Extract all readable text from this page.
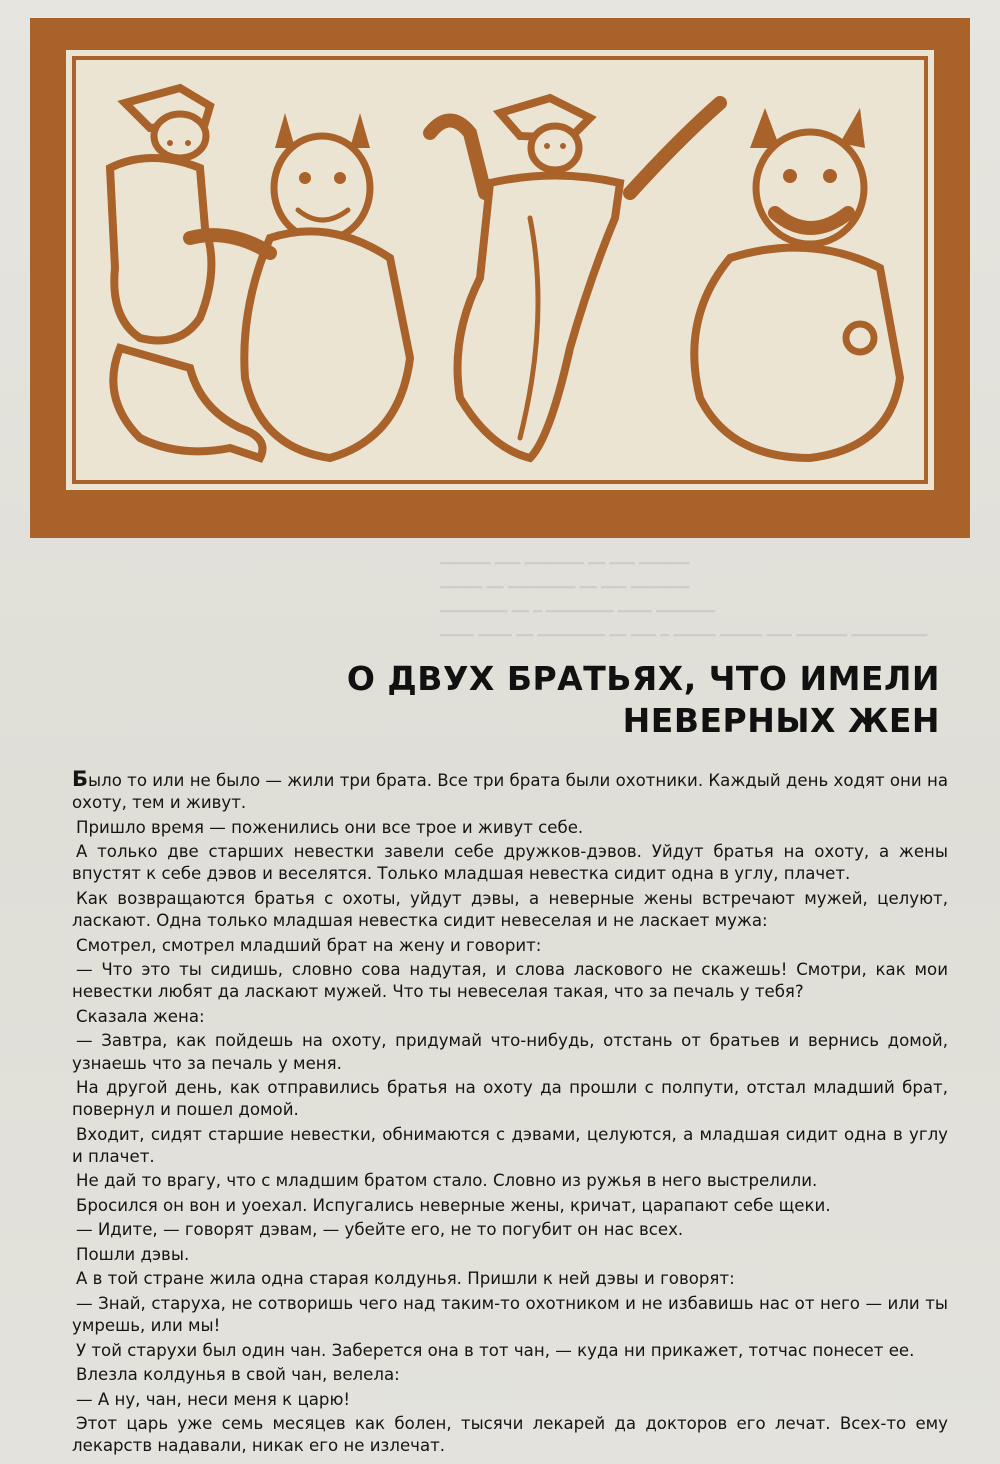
━━━━━━ ━━━ ━━━━━━━ ━━ ━━━ ━━━━━━
━━━━━ ━━ ━━━━━━━━ ━━ ━━━ ━━━━━━━
━━━━━━━━ ━━ ━ ━━━━━━━━ ━━━━ ━━━━━━━
━━━━ ━━━━ ━━ ━━━━━━━━ ━━ ━━━ ━ ━━━━━ ━━━━━ ━━━ ━━━━━━ ━━━━━━━━━
О ДВУХ БРАТЬЯХ, ЧТО ИМЕЛИ
НЕВЕРНЫХ ЖЕН

Было то или не было — жили три брата. Все три брата были охотники. Каждый день ходят они на охоту, тем и живут.

Пришло время — поженились они все трое и живут себе.

А только две старших невестки завели себе дружков-дэвов. Уйдут братья на охоту, а жены впустят к себе дэвов и веселятся. Только младшая невестка сидит одна в углу, плачет.

Как возвращаются братья с охоты, уйдут дэвы, а неверные жены встречают мужей, целуют, ласкают. Одна только младшая невестка сидит невеселая и не ласкает мужа:

Смотрел, смотрел младший брат на жену и говорит:

— Что это ты сидишь, словно сова надутая, и слова ласкового не скажешь! Смотри, как мои невестки любят да ласкают мужей. Что ты невеселая такая, что за печаль у тебя?

Сказала жена:

— Завтра, как пойдешь на охоту, придумай что-нибудь, отстань от братьев и вернись домой, узнаешь что за печаль у меня.

На другой день, как отправились братья на охоту да прошли с полпути, отстал младший брат, повернул и пошел домой.

Входит, сидят старшие невестки, обнимаются с дэвами, целуются, а младшая сидит одна в углу и плачет.

Не дай то врагу, что с младшим братом стало. Словно из ружья в него выстрелили.

Бросился он вон и уoехал. Испугались неверные жены, кричат, царапают себе щеки.

— Идите, — говорят дэвам, — убейте его, не то погубит он нас всех.

Пошли дэвы.

А в той стране жила одна старая колдунья. Пришли к ней дэвы и говорят:

— Знай, старуха, не сотворишь чего над таким-то охотником и не избавишь нас от него — или ты умрешь, или мы!

У той старухи был один чан. Заберется она в тот чан, — куда ни прикажет, тотчас понесет ее.

Влезла колдунья в свой чан, велела:

— А ну, чан, неси меня к царю!

Этот царь уже семь месяцев как болен, тысячи лекарей да докторов его лечат. Всех-то ему лекарств надавали, никак его не излечат.
